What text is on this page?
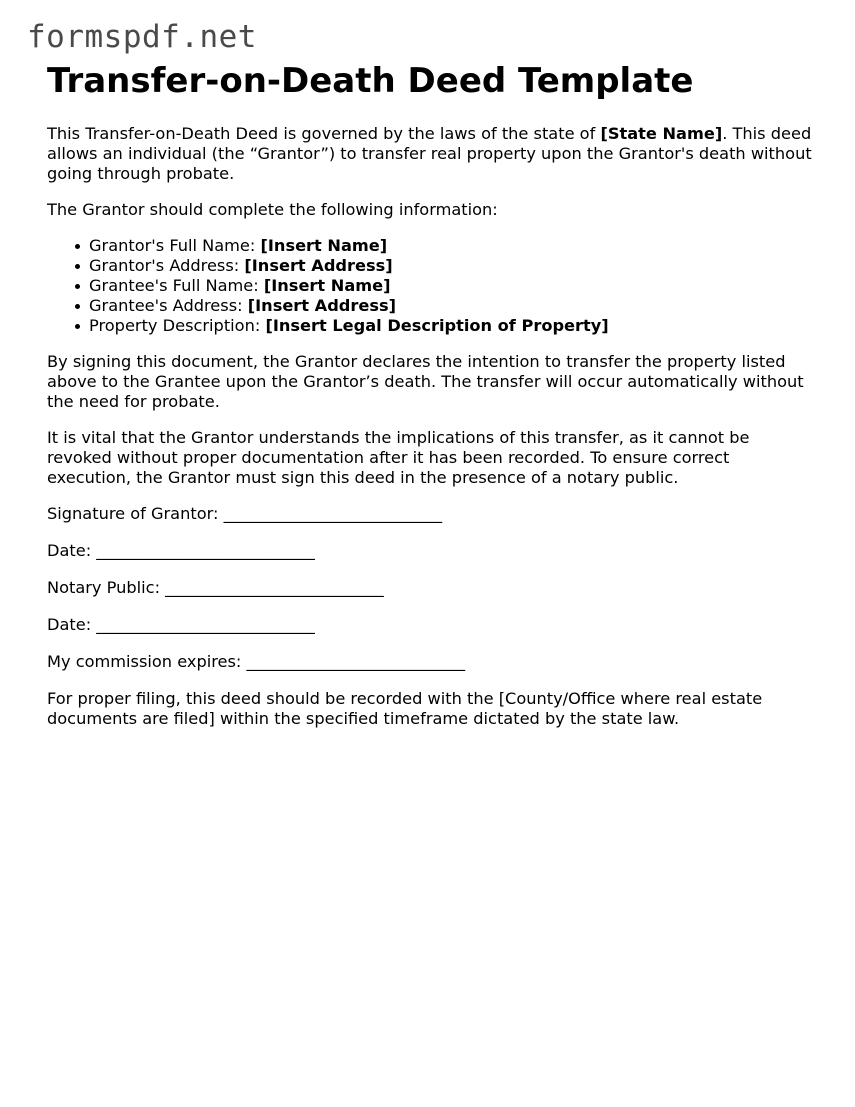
formspdf.net
Transfer-on-Death Deed Template

This Transfer-on-Death Deed is governed by the laws of the state of [State Name]. This deed allows an individual (the “Grantor”) to transfer real property upon the Grantor's death without going through probate.

The Grantor should complete the following information:

Grantor's Full Name: [Insert Name]
Grantor's Address: [Insert Address]
Grantee's Full Name: [Insert Name]
Grantee's Address: [Insert Address]
Property Description: [Insert Legal Description of Property]

By signing this document, the Grantor declares the intention to transfer the property listed above to the Grantee upon the Grantor’s death. The transfer will occur automatically without the need for probate.

It is vital that the Grantor understands the implications of this transfer, as it cannot be revoked without proper documentation after it has been recorded. To ensure correct execution, the Grantor must sign this deed in the presence of a notary public.

Signature of Grantor: ___________________________

Date: ___________________________

Notary Public: ___________________________

Date: ___________________________

My commission expires: ___________________________

For proper filing, this deed should be recorded with the [County/Office where real estate documents are filed] within the specified timeframe dictated by the state law.
